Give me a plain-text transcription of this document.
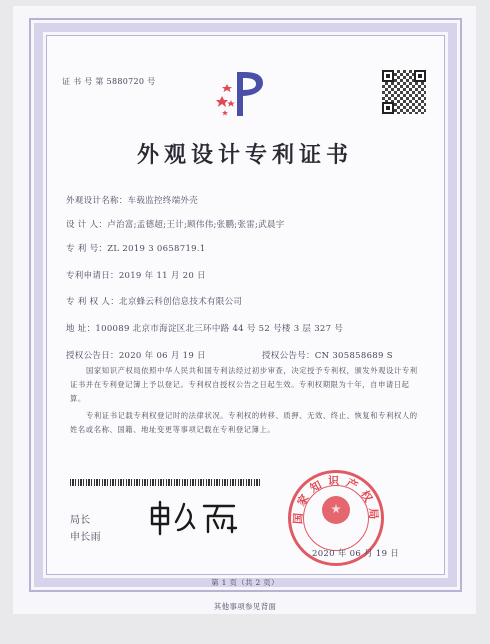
证 书 号 第 5880720 号
外观设计专利证书
外观设计名称：车载监控终端外壳
设 计 人：卢治富;孟德超;王计;顾伟伟;张鹏;张雷;武晨宇
专 利 号：ZL 2019 3 0658719.1
专利申请日：2019 年 11 月 20 日
专 利 权 人：北京蜂云科创信息技术有限公司
地 址：100089 北京市海淀区北三环中路 44 号 52 号楼 3 层 327 号
授权公告日：2020 年 06 月 19 日	授权公告号：CN 305858689 S
国家知识产权局依照中华人民共和国专利法经过初步审查，决定授予专利权，颁发外观设计专利证书并在专利登记簿上予以登记。专利权自授权公告之日起生效。专利权期限为十年，自申请日起算。
专利证书记载专利权登记时的法律状况。专利权的转移、质押、无效、终止、恢复和专利权人的姓名或名称、国籍、地址变更等事项记载在专利登记簿上。
局长
申长雨
国家知识产权局
2020 年 06 月 19 日
第 1 页（共 2 页）
其他事项参见背面
